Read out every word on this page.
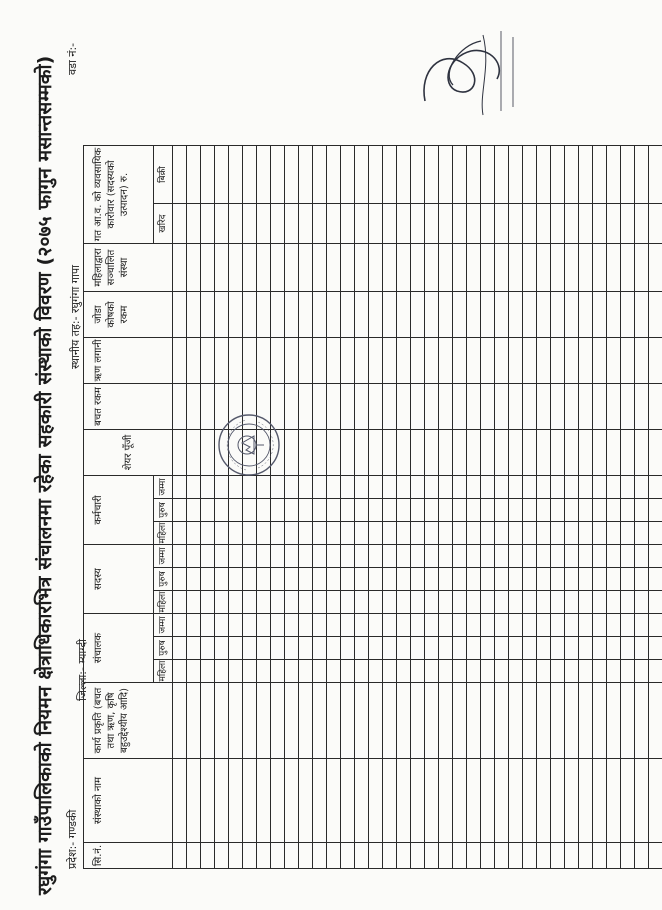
रघुगंगा गाउँपालिकाको नियमन क्षेत्राधिकारभित्र संचालनमा रहेका सहकारी संस्थाको विवरण (२०७५ फागुन मसान्तसम्मको) प्रदेश:- गण्डकी
जिल्ला:- म्याग्दी
स्थानीय तह:- रघुगंगा गापा
वडा नं:-
सि.नं.	संस्थाको नाम	कार्य प्रकृति (बचत तथा ऋण, कृषि बहुउद्देश्यीय आदि)	संचालक			सदस्य			कर्मचारी			शेयर पूँजी	बचत रकम	ऋण लगानी	जोडा कोषको रकम	महिलाद्वारा सञ्चालित संस्था	गत आ.व. को व्यवसायिक कारोवार (सदस्यको उत्पादन) रु.	
			महिला	पुरुष	जम्मा	महिला	पुरुष	जम्मा	महिला	पुरुष	जम्मा						खरिद	बिक्री
